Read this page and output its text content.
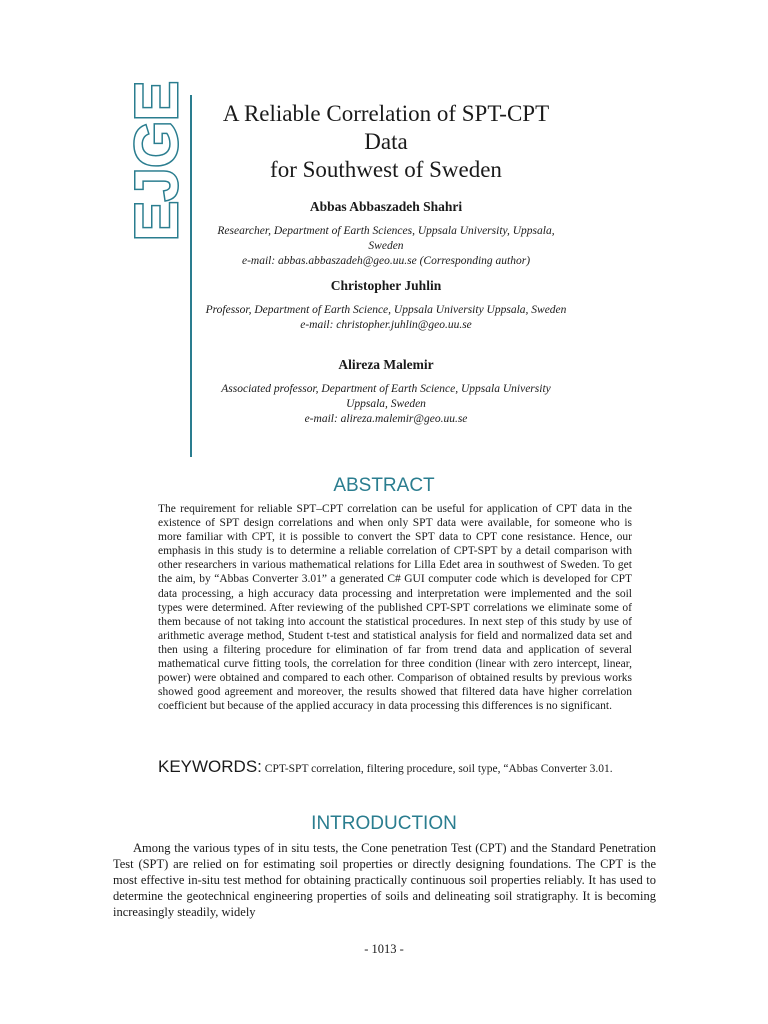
EJGE	A Reliable Correlation of SPT-CPT Data
for Southwest of Sweden
Abbas Abbaszadeh Shahri
Researcher, Department of Earth Sciences, Uppsala University, Uppsala, Sweden
e-mail: abbas.abbaszadeh@geo.uu.se (Corresponding author)
Christopher Juhlin
Professor, Department of Earth Science, Uppsala University Uppsala, Sweden
e-mail: christopher.juhlin@geo.uu.se
Alireza Malemir
Associated professor, Department of Earth Science, Uppsala University Uppsala, Sweden
e-mail: alireza.malemir@geo.uu.se
ABSTRACT
The requirement for reliable SPT–CPT correlation can be useful for application of CPT data in the existence of SPT design correlations and when only SPT data were available, for someone who is more familiar with CPT, it is possible to convert the SPT data to CPT cone resistance. Hence, our emphasis in this study is to determine a reliable correlation of CPT-SPT by a detail comparison with other researchers in various mathematical relations for Lilla Edet area in southwest of Sweden. To get the aim, by “Abbas Converter 3.01” a generated C# GUI computer code which is developed for CPT data processing, a high accuracy data processing and interpretation were implemented and the soil types were determined. After reviewing of the published CPT-SPT correlations we eliminate some of them because of not taking into account the statistical procedures. In next step of this study by use of arithmetic average method, Student t-test and statistical analysis for field and normalized data set and then using a filtering procedure for elimination of far from trend data and application of several mathematical curve fitting tools, the correlation for three condition (linear with zero intercept, linear, power) were obtained and compared to each other. Comparison of obtained results by previous works showed good agreement and moreover, the results showed that filtered data have higher correlation coefficient but because of the applied accuracy in data processing this differences is no significant.
KEYWORDS: CPT-SPT correlation, filtering procedure, soil type, “Abbas Converter 3.01.
INTRODUCTION
Among the various types of in situ tests, the Cone penetration Test (CPT) and the Standard Penetration Test (SPT) are relied on for estimating soil properties or directly designing foundations. The CPT is the most effective in-situ test method for obtaining practically continuous soil properties reliably. It has used to determine the geotechnical engineering properties of soils and delineating soil stratigraphy. It is becoming increasingly steadily, widely
- 1013 -
